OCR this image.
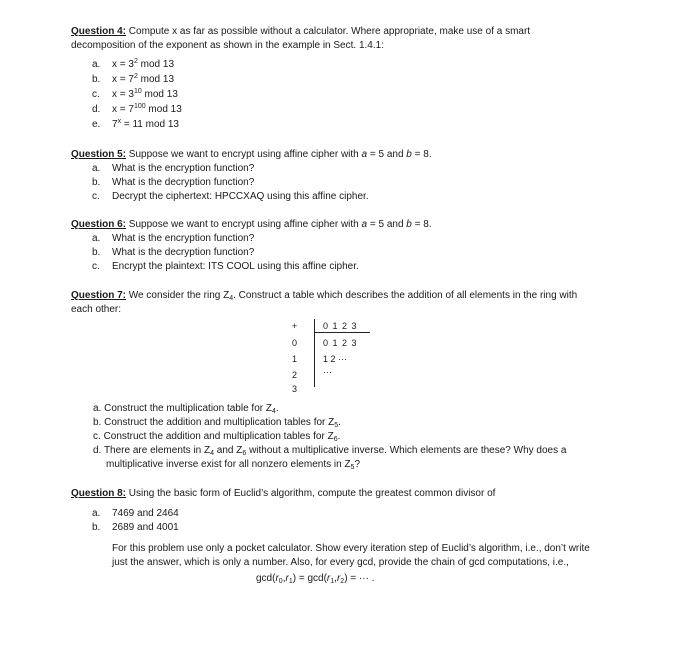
Question 4: Compute x as far as possible without a calculator. Where appropriate, make use of a smart
decomposition of the exponent as shown in the example in Sect. 1.4.1:
a. $x = 3^2$ mod 13
b. $x = 7^2$ mod 13
c. $x = 3^{10}$ mod 13
d. $x = 7^{100}$ mod 13
e. $7^x = 11$ mod 13
Question 5: Suppose we want to encrypt using affine cipher with a = 5 and b = 8.
a. What is the encryption function?
b. What is the decryption function?
c. Decrypt the ciphertext: HPCCXAQ using this affine cipher.
Question 6: Suppose we want to encrypt using affine cipher with a = 5 and b = 8.
a. What is the encryption function?
b. What is the decryption function?
c. Encrypt the plaintext: ITS COOL using this affine cipher.
Question 7: We consider the ring $Z_4$. Construct a table which describes the addition of all elements in the ring with
each other:
+	0 1 2 3
0
1
2
3
0 1 2 3
1 2 ···
···
a. Construct the multiplication table for $Z_4$.
b. Construct the addition and multiplication tables for $Z_5$.
c. Construct the addition and multiplication tables for $Z_6$.
d. There are elements in $Z_4$ and $Z_6$ without a multiplicative inverse. Which elements are these? Why does a
multiplicative inverse exist for all nonzero elements in $Z_5$?
Question 8: Using the basic form of Euclid’s algorithm, compute the greatest common divisor of
a. 7469 and 2464
b. 2689 and 4001
For this problem use only a pocket calculator. Show every iteration step of Euclid’s algorithm, i.e., don’t write
just the answer, which is only a number. Also, for every gcd, provide the chain of gcd computations, i.e.,
$\gcd(r_0,r_1) = \gcd(r_1,r_2)$ = ··· .
